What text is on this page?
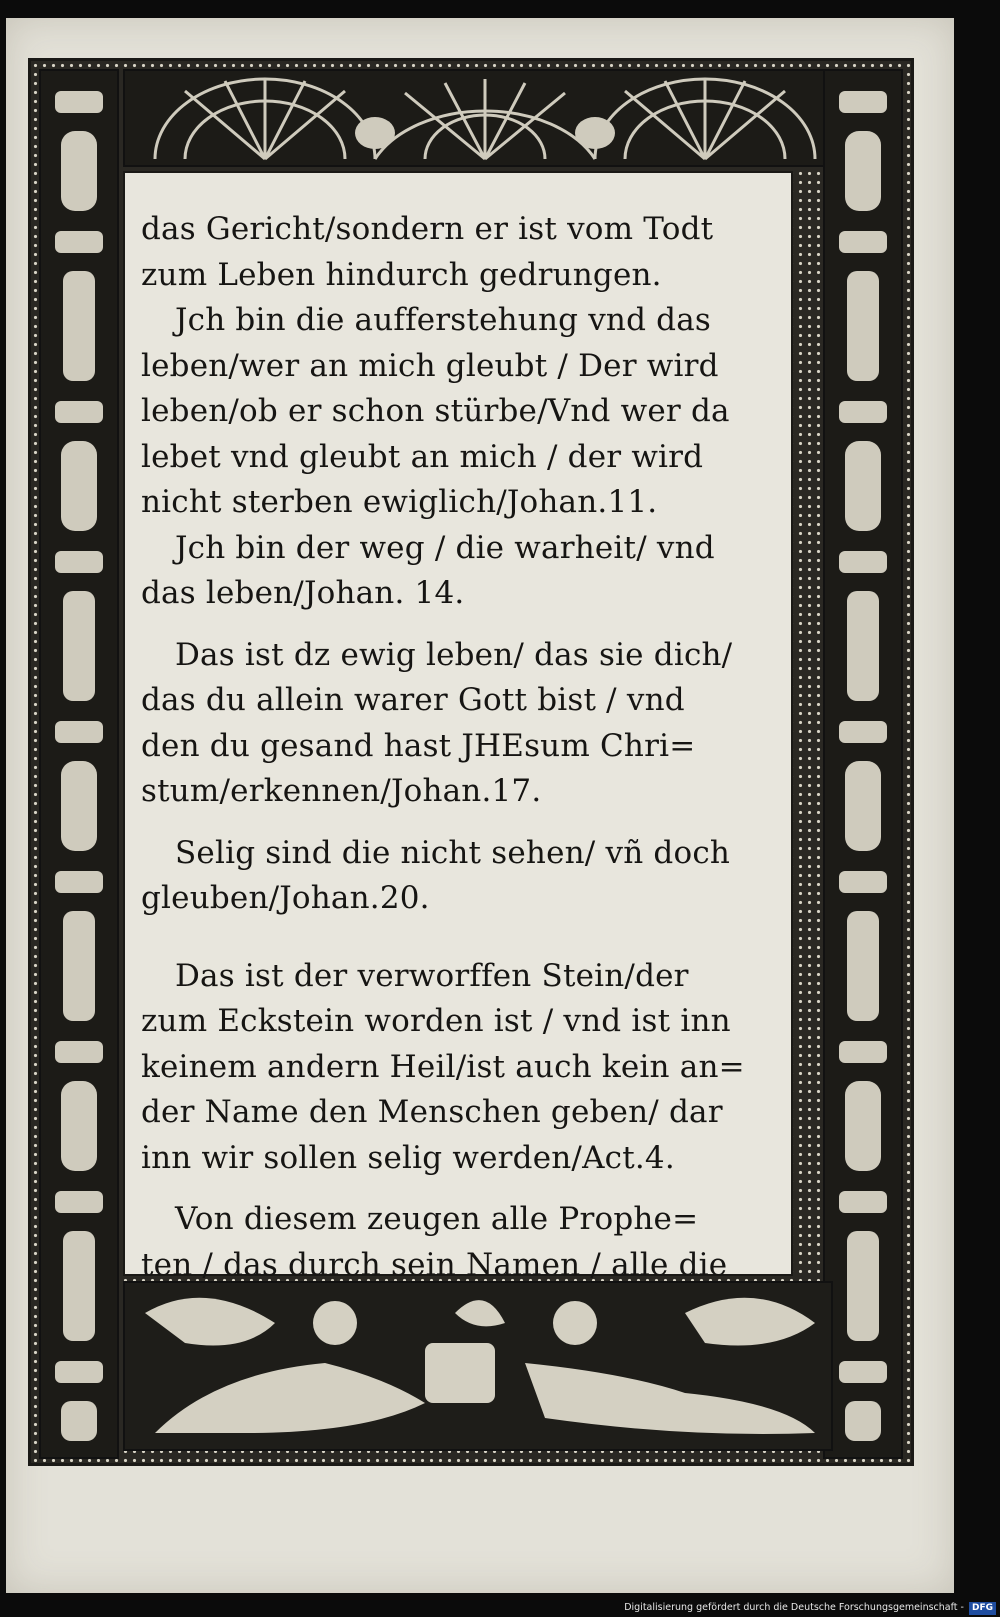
das Gericht/sondern er ist vom Todt
zum Leben hindurch gedrungen.
Jch bin die aufferstehung vnd das
leben/wer an mich gleubt / Der wird
leben/ob er schon stürbe/Vnd wer da
lebet vnd gleubt an mich / der wird
nicht sterben ewiglich/Johan.11.
Jch bin der weg / die warheit/ vnd
das leben/Johan. 14.
Das ist dz ewig leben/ das sie dich/
das du allein warer Gott bist / vnd
den du gesand hast JHEsum Chri=
stum/erkennen/Johan.17.
Selig sind die nicht sehen/ vñ doch
gleuben/Johan.20.
Das ist der verworffen Stein/der
zum Eckstein worden ist / vnd ist inn
keinem andern Heil/ist auch kein an=
der Name den Menschen geben/ dar
inn wir sollen selig werden/Act.4.
Von diesem zeugen alle Prophe=
ten / das durch sein Namen / alle die
Digitalisierung gefördert durch die Deutsche Forschungsgemeinschaft - DFG
